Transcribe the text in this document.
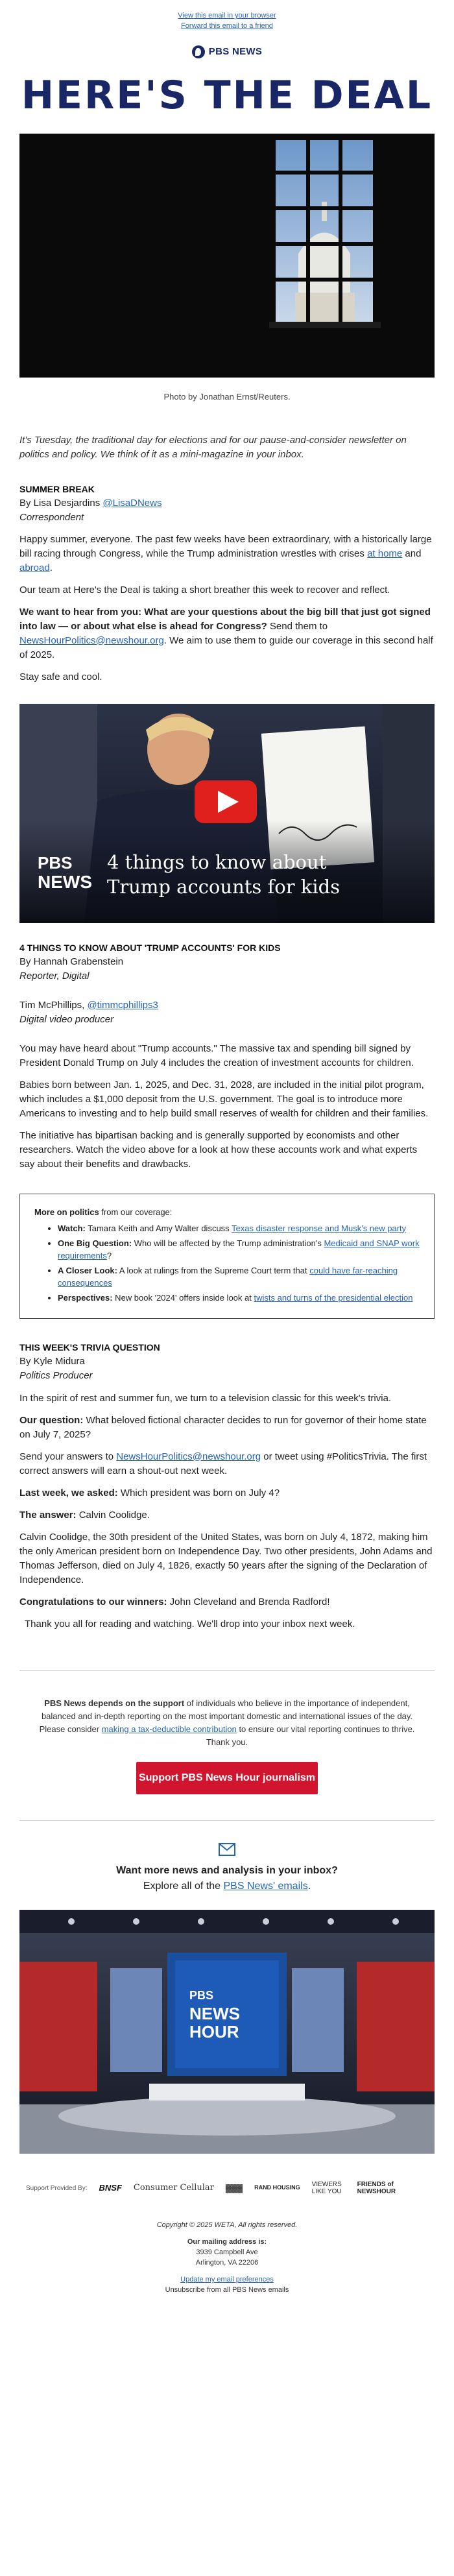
View this email in your browser
Forward this email to a friend
PBS NEWS
HERE'S THE DEAL
Photo by Jonathan Ernst/Reuters.
It's Tuesday, the traditional day for elections and for our pause-and-consider newsletter on politics and policy. We think of it as a mini-magazine in your inbox.
SUMMER BREAK
By Lisa Desjardins @LisaDNews
Correspondent

Happy summer, everyone. The past few weeks have been extraordinary, with a historically large bill racing through Congress, while the Trump administration wrestles with crises at home and abroad.

Our team at Here's the Deal is taking a short breather this week to recover and reflect.

We want to hear from you: What are your questions about the big bill that just got signed into law — or about what else is ahead for Congress? Send them to NewsHourPolitics@newshour.org. We aim to use them to guide our coverage in this second half of 2025.

Stay safe and cool.

PBS
NEWS
4 things to know about
Trump accounts for kids
4 THINGS TO KNOW ABOUT 'TRUMP ACCOUNTS' FOR KIDS
By Hannah Grabenstein
Reporter, Digital
Tim McPhillips, @timmcphillips3
Digital video producer

You may have heard about "Trump accounts." The massive tax and spending bill signed by President Donald Trump on July 4 includes the creation of investment accounts for children.

Babies born between Jan. 1, 2025, and Dec. 31, 2028, are included in the initial pilot program, which includes a $1,000 deposit from the U.S. government. The goal is to introduce more Americans to investing and to help build small reserves of wealth for children and their families.

The initiative has bipartisan backing and is generally supported by economists and other researchers. Watch the video above for a look at how these accounts work and what experts say about their benefits and drawbacks.

More on politics from our coverage:
• Watch: Tamara Keith and Amy Walter discuss Texas disaster response and Musk's new party
• One Big Question: Who will be affected by the Trump administration's Medicaid and SNAP work requirements?
• A Closer Look: A look at rulings from the Supreme Court term that could have far-reaching consequences
• Perspectives: New book '2024' offers inside look at twists and turns of the presidential election
THIS WEEK'S TRIVIA QUESTION
By Kyle Midura
Politics Producer

In the spirit of rest and summer fun, we turn to a television classic for this week's trivia.

Our question: What beloved fictional character decides to run for governor of their home state on July 7, 2025?

Send your answers to NewsHourPolitics@newshour.org or tweet using #PoliticsTrivia. The first correct answers will earn a shout-out next week.

Last week, we asked: Which president was born on July 4?

The answer: Calvin Coolidge.

Calvin Coolidge, the 30th president of the United States, was born on July 4, 1872, making him the only American president born on Independence Day. Two other presidents, John Adams and Thomas Jefferson, died on July 4, 1826, exactly 50 years after the signing of the Declaration of Independence.

Congratulations to our winners: John Cleveland and Brenda Radford!

Thank you all for reading and watching. We'll drop into your inbox next week.

PBS News depends on the support of individuals who believe in the importance of independent, balanced and in-depth reporting on the most important domestic and international issues of the day. Please consider making a tax-deductible contribution to ensure our vital reporting continues to thrive. Thank you.
Support PBS News Hour journalism
Want more news and analysis in your inbox?
Explore all of the PBS News' emails.
PBS
NEWS
HOUR
Support Provided By: BNSF Consumer Cellular ▓▓▓ RAND HOUSING VIEWERS LIKE YOU
FRIENDS of NEWSHOUR
Copyright © 2025 WETA, All rights reserved.
Our mailing address is:
3939 Campbell Ave
Arlington, VA 22206
Update my email preferences
Unsubscribe from all PBS News emails
